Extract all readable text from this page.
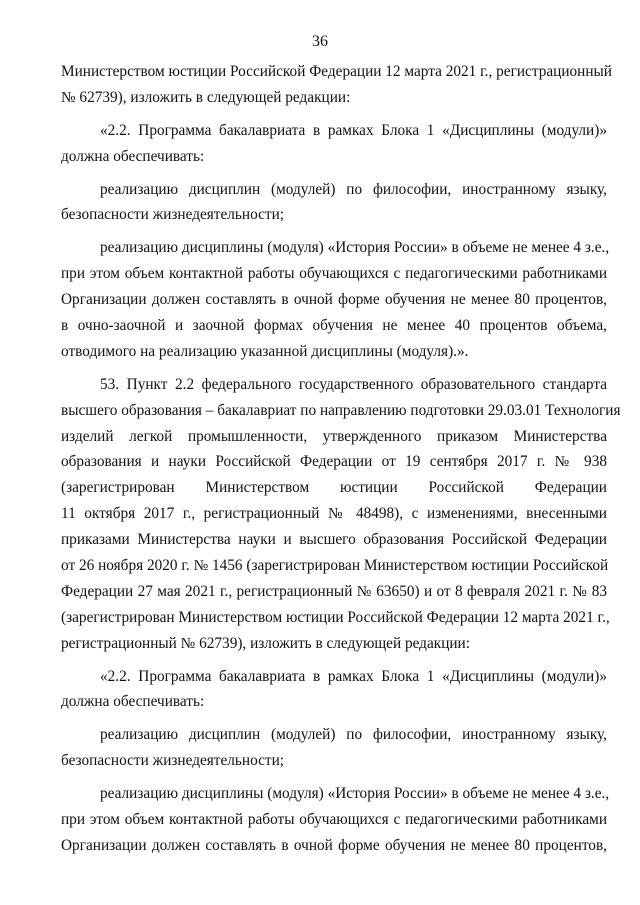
36
Министерством юстиции Российской Федерации 12 марта 2021 г., регистрационный
№ 62739), изложить в следующей редакции:
«2.2. Программа бакалавриата в рамках Блока 1 «Дисциплины (модули)»
должна обеспечивать:
реализацию дисциплин (модулей) по философии, иностранному языку,
безопасности жизнедеятельности;
реализацию дисциплины (модуля) «История России» в объеме не менее 4 з.е.,
при этом объем контактной работы обучающихся с педагогическими работниками
Организации должен составлять в очной форме обучения не менее 80 процентов,
в очно-заочной и заочной формах обучения не менее 40 процентов объема,
отводимого на реализацию указанной дисциплины (модуля).».
53. Пункт 2.2 федерального государственного образовательного стандарта
высшего образования – бакалавриат по направлению подготовки 29.03.01 Технология
изделий легкой промышленности, утвержденного приказом Министерства
образования и науки Российской Федерации от 19 сентября 2017 г. № 938
(зарегистрирован Министерством юстиции Российской Федерации
11 октября 2017 г., регистрационный № 48498), с изменениями, внесенными
приказами Министерства науки и высшего образования Российской Федерации
от 26 ноября 2020 г. № 1456 (зарегистрирован Министерством юстиции Российской
Федерации 27 мая 2021 г., регистрационный № 63650) и от 8 февраля 2021 г. № 83
(зарегистрирован Министерством юстиции Российской Федерации 12 марта 2021 г.,
регистрационный № 62739), изложить в следующей редакции:
«2.2. Программа бакалавриата в рамках Блока 1 «Дисциплины (модули)»
должна обеспечивать:
реализацию дисциплин (модулей) по философии, иностранному языку,
безопасности жизнедеятельности;
реализацию дисциплины (модуля) «История России» в объеме не менее 4 з.е.,
при этом объем контактной работы обучающихся с педагогическими работниками
Организации должен составлять в очной форме обучения не менее 80 процентов,
